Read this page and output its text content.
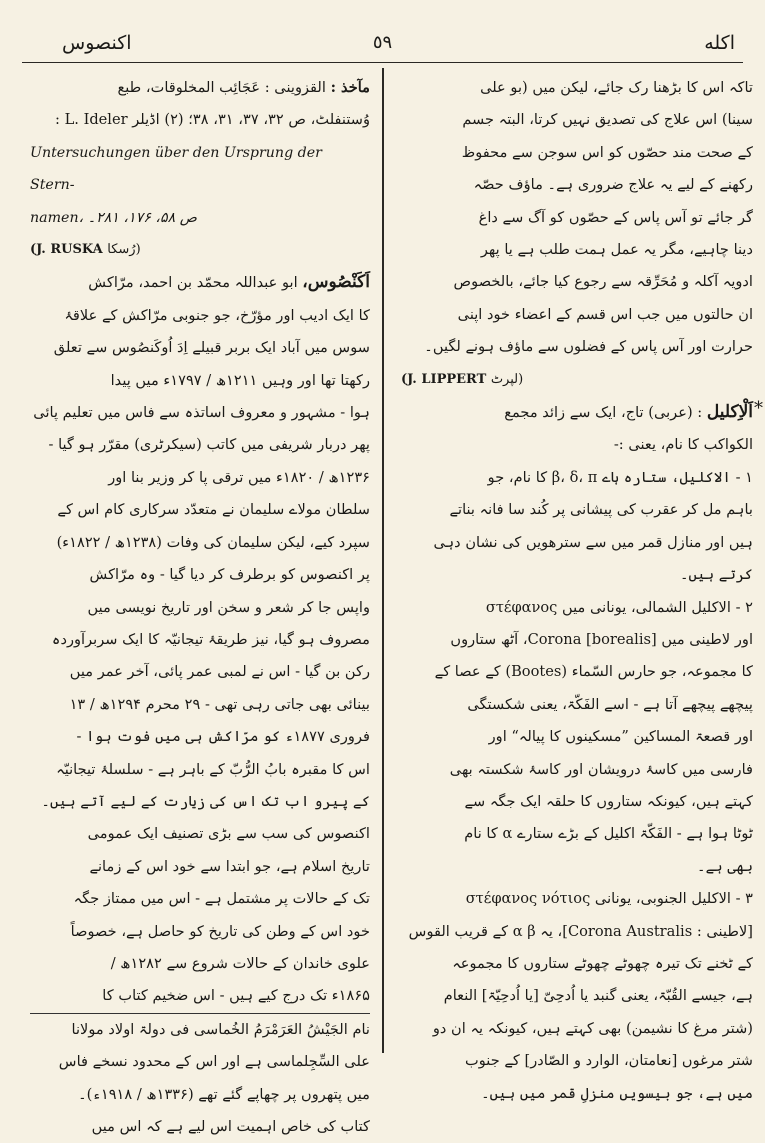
اکله
٥٩
اکنصوس

تاکہ اس کا بڑھنا رک جائے، لیکن میں (بو علی

سینا) اس علاج کی تصدیق نہیں کرتا، البتہ جسم

کے صحت مند حصّوں کو اس سوجن سے محفوظ

رکھنے کے لیے یہ علاج ضروری ہے۔ ماؤف حصّہ

گر جائے تو آس پاس کے حصّوں کو آگ سے داغ

دینا چاہیے، مگر یہ عمل ہمت طلب ہے یا پھر

ادویہ آکلہ و مُحَرِّقہ سے رجوع کیا جائے، بالخصوص

ان حالتوں میں جب اس قسم کے اعضاء خود اپنی

حرارت اور آس پاس کے فضلوں سے ماؤف ہونے لگیں۔

(J. LIPPERT لپرٹ)

اَلْاِکلیل : (عربی) تاج، ایک سے زائد مجمع

الکواکب کا نام، یعنی :-

۱ - الاکلیل، ستارہ ہاے β، δ، π کا نام، جو

باہم مل کر عقرب کی پیشانی پر کُند سا فانہ بناتے

ہیں اور منازل قمر میں سے سترھویں کی نشان دہی

کرتے ہیں۔

۲ - الاکلیل الشمالی، یونانی میں στέφανος

اور لاطینی میں Corona [borealis]، آٹھ ستاروں

کا مجموعہ، جو حارس السّماء (Bootes) کے عصا کے

پیچھے پیچھے آتا ہے - اسے الفَکّۃ، یعنی شکستگی

اور قصعۃ المساکین ”مسکینوں کا پیالہ“ اور

فارسی میں کاسۂ درویشان اور کاسۂ شکستہ بھی

کہتے ہیں، کیونکہ ستاروں کا حلقہ ایک جگہ سے

ٹوٹا ہوا ہے - الفَکّۃ اکلیل کے بڑے ستارے α کا نام

بھی ہے۔

۳ - الاکلیل الجنوبی، یونانی στέφανος νότιος

[لاطینی : Corona Australis]، یہ α β کے قریب القوس

کے ٹخنے تک تیرہ چھوٹے چھوٹے ستاروں کا مجموعہ

ہے، جیسے القُبّۃ، یعنی گنبد یا اُدحِیّ [یا اُدحِیّۃ] النعام

(شتر مرغ کا نشیمن) بھی کہتے ہیں، کیونکہ یہ ان دو

شتر مرغوں [نعامتان، الوارد و الصّادر] کے جنوب

میں ہے، جو بیسویں منزلِ قمر میں ہیں۔

*

مآخذ : القزوینی : عَجَائِب المخلوقات، طبع

وُستنفلٹ، ص ۳۲، ۳۷، ۳۱، ۳۸؛ (۲) اڈیلر L. Ideler :

Untersuchungen über den Ursprung der Stern-

namen، ص ۵۸، ۱۷۶، ۲۸۱۔

(J. RUSKA رُسکا)

اَکَنْصُوس، ابو عبداللہ محمّد بن احمد، مرّاکش

کا ایک ادیب اور مؤرّخ، جو جنوبی مرّاکش کے علاقۂ

سوس میں آباد ایک بربر قبیلے اِدَ اُوکَنصُوس سے تعلق

رکھتا تھا اور وہیں ۱۲۱۱ھ / ۱۷۹۷ء میں پیدا

ہوا - مشہور و معروف اساتذہ سے فاس میں تعلیم پائی

پھر دربار شریفی میں کاتب (سیکرٹری) مقرّر ہو گیا -

۱۲۳۶ھ / ۱۸۲۰ء میں ترقی پا کر وزیر بنا اور

سلطان مولاے سلیمان نے متعدّد سرکاری کام اس کے

سپرد کیے، لیکن سلیمان کی وفات (۱۲۳۸ھ / ۱۸۲۲ء)

پر اکنصوس کو برطرف کر دیا گیا - وہ مرّاکش

واپس جا کر شعر و سخن اور تاریخ نویسی میں

مصروف ہو گیا، نیز طریقۂ تیجانیّہ کا ایک سربرآوردہ

رکن بن گیا - اس نے لمبی عمر پائی، آخر عمر میں

بینائی بھی جاتی رہی تھی - ۲۹ محرم ۱۲۹۴ھ / ۱۳

فروری ۱۸۷۷ء کو مرّاکش ہی میں فوت ہوا -

اس کا مقبرہ بابُ الرُّبّ کے باہر ہے - سلسلۂ تیجانیّہ

کے پیرو اب تک اس کی زیارت کے لیے آتے ہیں۔

اکنصوس کی سب سے بڑی تصنیف ایک عمومی

تاریخ اسلام ہے، جو ابتدا سے خود اس کے زمانے

تک کے حالات پر مشتمل ہے - اس میں ممتاز جگہ

خود اس کے وطن کی تاریخ کو حاصل ہے، خصوصاً

علوی خاندان کے حالات شروع سے ۱۲۸۲ھ /

۱۸۶۵ء تک درج کیے ہیں - اس ضخیم کتاب کا

نام الجَیْشُ العَرَمْرَمُ الخُماسی فی دولۃ اولاد مولانا

علی السِّجِلماسی ہے اور اس کے محدود نسخے فاس

میں پتھروں پر چھاپے گئے تھے (۱۳۳۶ھ / ۱۹۱۸ء)۔

کتاب کی خاص اہمیت اس لیے ہے کہ اس میں
